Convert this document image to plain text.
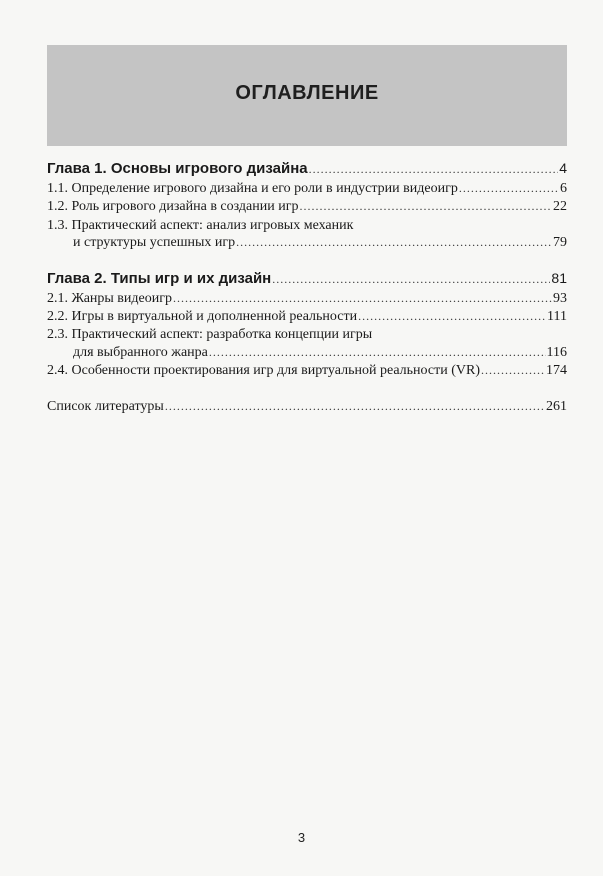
ОГЛАВЛЕНИЕ
Глава 1. Основы игрового дизайна .....	4
1.1. Определение игрового дизайна и его роли в индустрии видеоигр .....	6
1.2. Роль игрового дизайна в создании игр .....	22
1.3. Практический аспект: анализ игровых механик
и структуры успешных игр .....	79
Глава 2. Типы игр и их дизайн .....	81
2.1. Жанры видеоигр .....	93
2.2. Игры в виртуальной и дополненной реальности .....	111
2.3. Практический аспект: разработка концепции игры
для выбранного жанра .....	116
2.4. Особенности проектирования игр для виртуальной реальности (VR) .....	174
Список литературы .....	261
3
